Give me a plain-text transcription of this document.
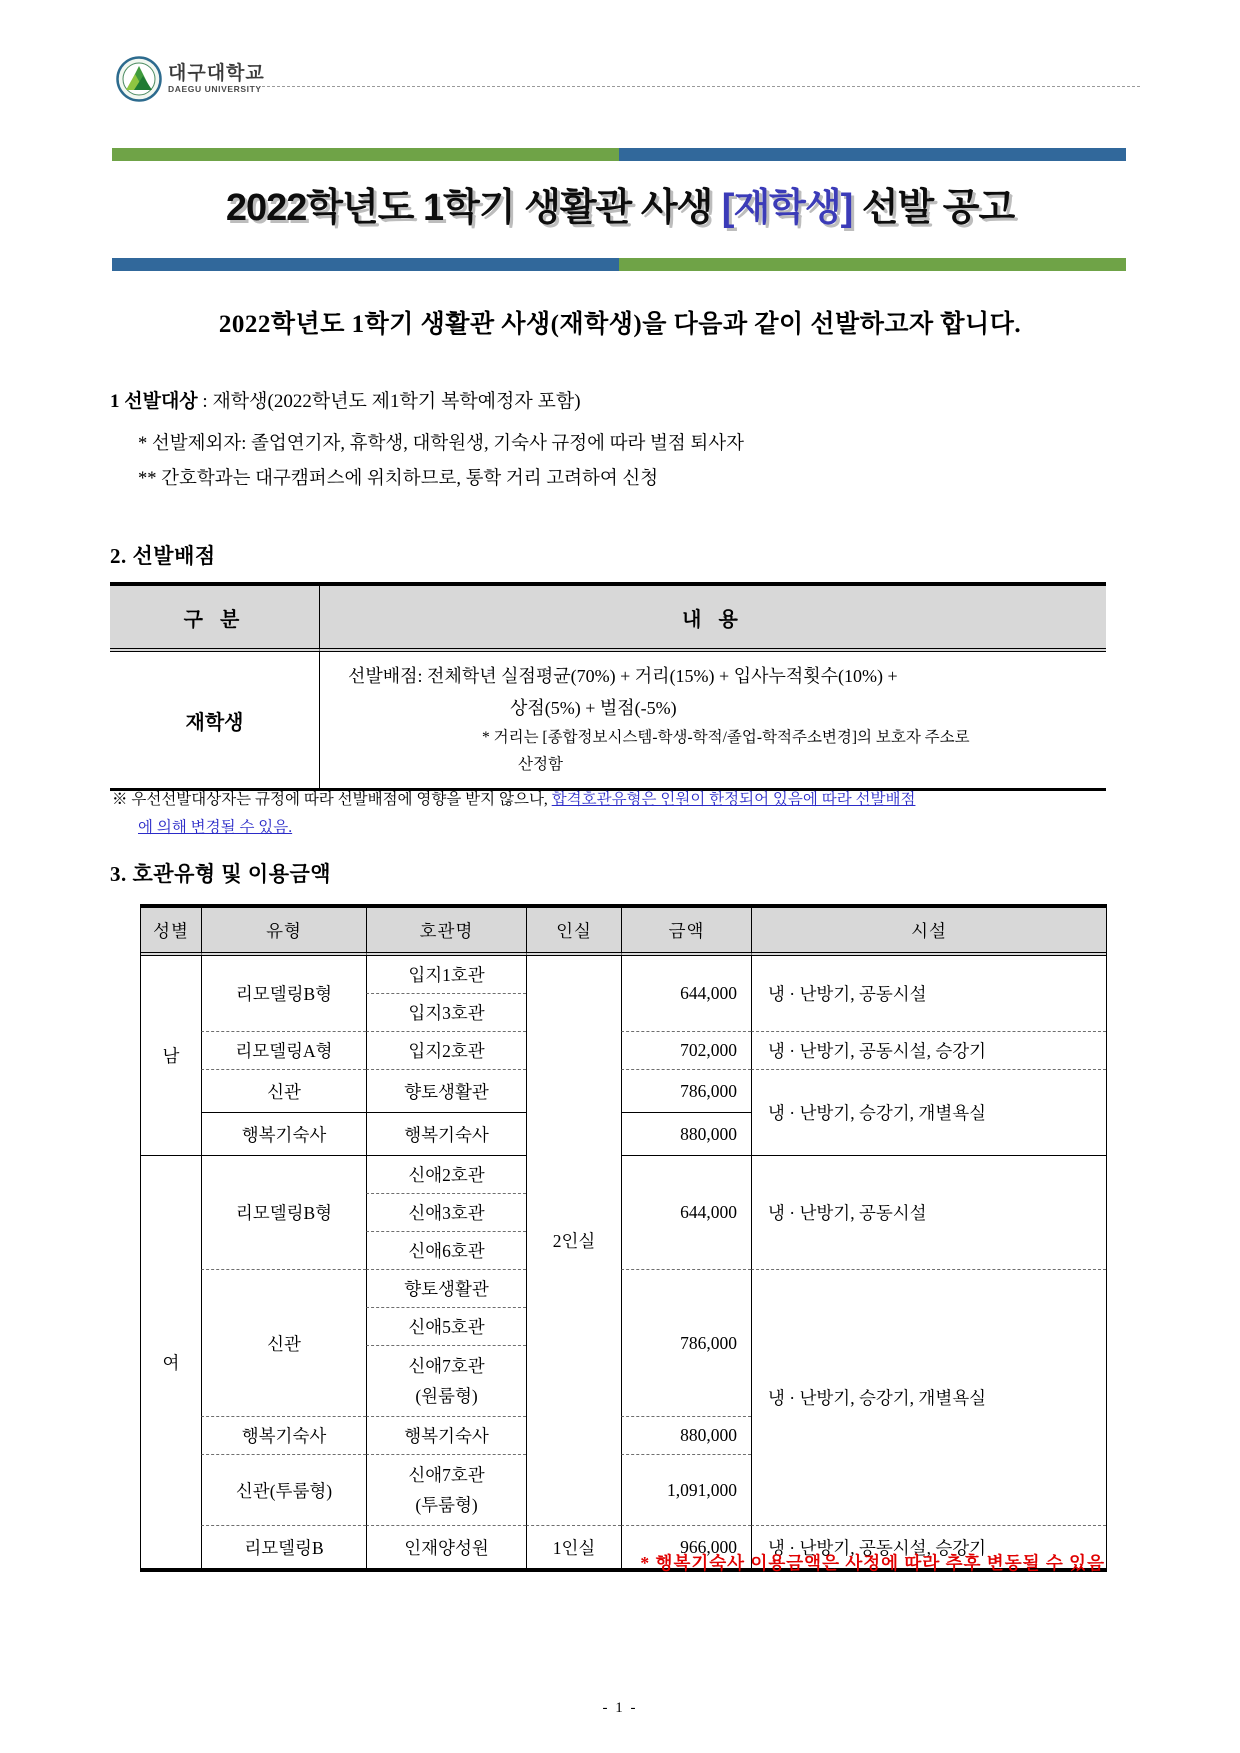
대구대학교
DAEGU UNIVERSITY
2022학년도 1학기 생활관 사생 [재학생] 선발 공고
2022학년도 1학기 생활관 사생(재학생)을 다음과 같이 선발하고자 합니다.
1 선발대상 : 재학생(2022학년도 제1학기 복학예정자 포함)
* 선발제외자: 졸업연기자, 휴학생, 대학원생, 기숙사 규정에 따라 벌점 퇴사자
** 간호학과는 대구캠퍼스에 위치하므로, 통학 거리 고려하여 신청
2. 선발배점
구 분	내 용
재학생	선발배점: 전체학년 실점평균(70%) + 거리(15%) + 입사누적횟수(10%) +
상점(5%) + 벌점(-5%)
* 거리는 [종합정보시스템-학생-학적/졸업-학적주소변경]의 보호자 주소로
산정함
※ 우선선발대상자는 규정에 따라 선발배점에 영향을 받지 않으나, 합격호관유형은 인원이 한정되어 있음에 따라 선발배점
에 의해 변경될 수 있음.
3. 호관유형 및 이용금액
성별	유형	호관명	인실	금액	시설
남	리모델링B형	입지1호관	2인실	644,000	냉 · 난방기, 공동시설
		입지3호관			
	리모델링A형	입지2호관		702,000	냉 · 난방기, 공동시설, 승강기
	신관	향토생활관		786,000	냉 · 난방기, 승강기, 개별욕실
	행복기숙사	행복기숙사		880,000	
여	리모델링B형	신애2호관		644,000	냉 · 난방기, 공동시설
		신애3호관			
		신애6호관			
	신관	향토생활관		786,000	냉 · 난방기, 승강기, 개별욕실
		신애5호관			

		신애7호관
(원룸형)			

	행복기숙사	행복기숙사		880,000	
	신관(투룸형)	신애7호관
(투룸형)		1,091,000	
	리모델링B	인재양성원	1인실	966,000	냉 · 난방기, 공동시설, 승강기
* 행복기숙사 이용금액은 사정에 따라 추후 변동될 수 있음
- 1 -
